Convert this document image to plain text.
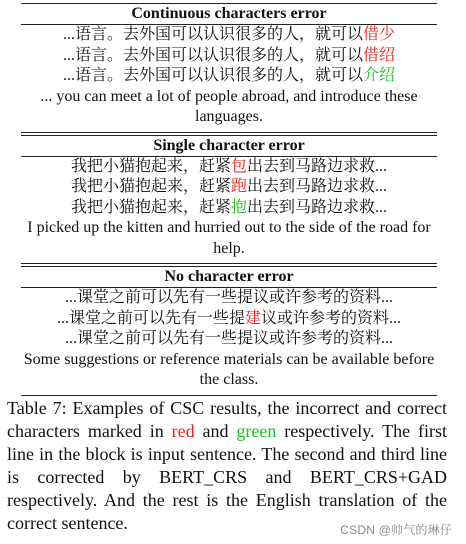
Continuous characters error
...语言。去外国可以认识很多的人，就可以借少
...语言。去外国可以认识很多的人，就可以借绍
...语言。去外国可以认识很多的人，就可以介绍
... you can meet a lot of people abroad, and introduce these languages.
Single character error
我把小猫抱起来，赶紧包出去到马路边求救...
我把小猫抱起来，赶紧跑出去到马路边求救...
我把小猫抱起来，赶紧抱出去到马路边求救...
I picked up the kitten and hurried out to the side of the road for help.
No character error
...课堂之前可以先有一些提议或许参考的资料...
...课堂之前可以先有一些提建议或许参考的资料...
...课堂之前可以先有一些提议或许参考的资料...
Some suggestions or reference materials can be available before the class.
Table 7: Examples of CSC results, the incorrect and correct characters marked in red and green respectively. The first line in the block is input sentence. The second and third line is corrected by BERT_CRS and BERT_CRS+GAD respectively. And the rest is the English translation of the correct sentence.	CSDN @帅气的琳仔
